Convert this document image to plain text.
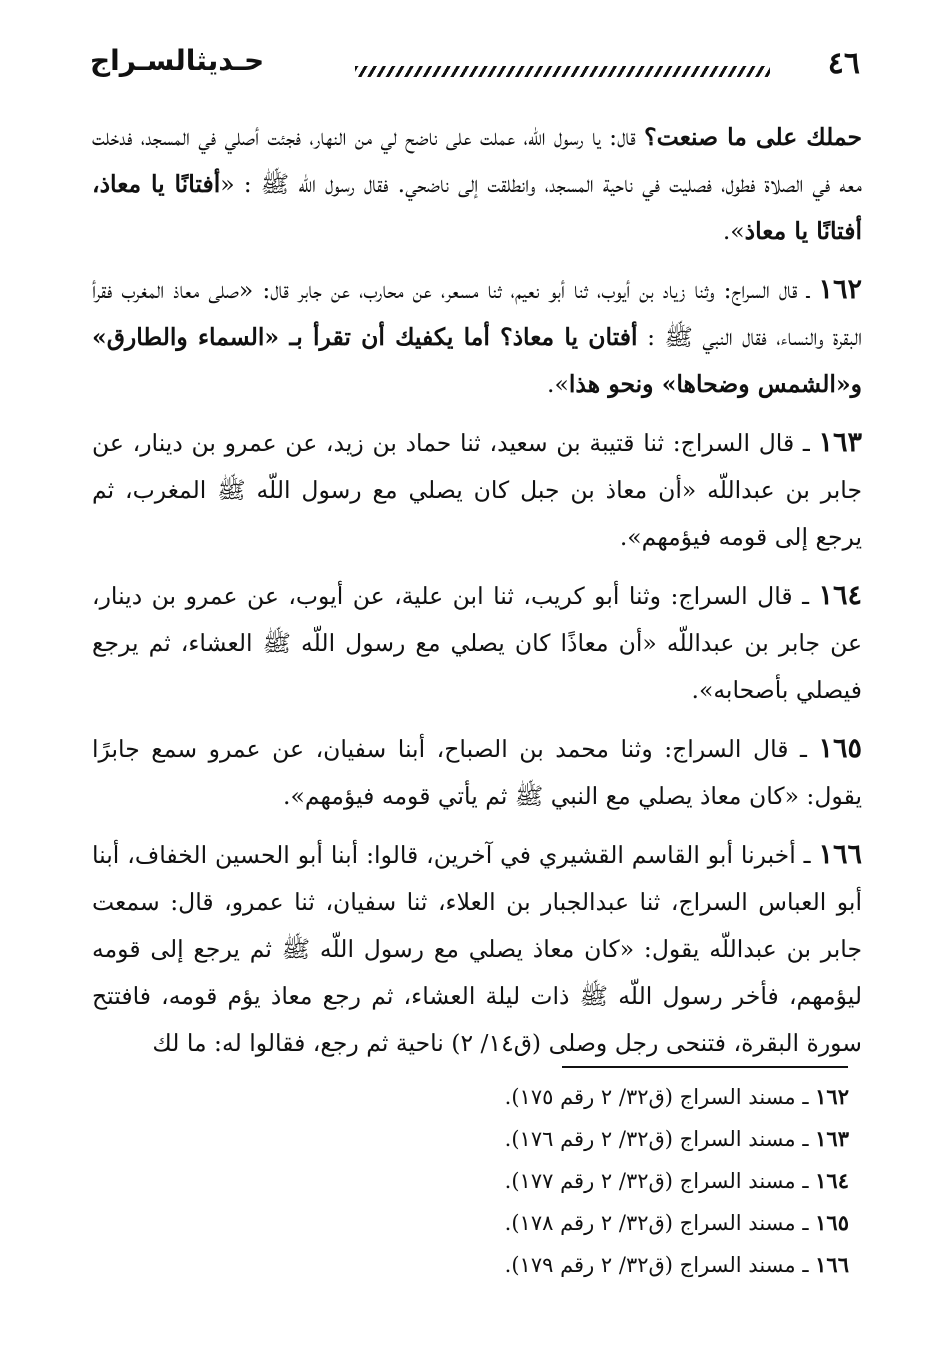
٤٦
حـديثالسـراج

حملك على ما صنعت؟ قال: يا رسول اللّه، عملت على ناضح لي من النهار، فجئت أصلي في المسجد، فدخلت معه في الصلاة فطول، فصليت في ناحية المسجد، وانطلقت إلى ناضحي. فقال رسول اللّه ﷺ : «أفتانًا يا معاذ، أفتانًا يا معاذ».

١٦٢ ـ قال السراج: وثنا زياد بن أيوب، ثنا أبو نعيم، ثنا مسعر، عن محارب، عن جابر قال: «صلى معاذ المغرب فقرأ البقرة والنساء، فقال النبي ﷺ : أفتان يا معاذ؟ أما يكفيك أن تقرأ بـ «السماء والطارق» و«الشمس وضحاها» ونحو هذا».

١٦٣ ـ قال السراج: ثنا قتيبة بن سعيد، ثنا حماد بن زيد، عن عمرو بن دينار، عن جابر بن عبداللّه «أن معاذ بن جبل كان يصلي مع رسول اللّه ﷺ المغرب، ثم يرجع إلى قومه فيؤمهم».

١٦٤ ـ قال السراج: وثنا أبو كريب، ثنا ابن علية، عن أيوب، عن عمرو بن دينار، عن جابر بن عبداللّه «أن معاذًا كان يصلي مع رسول اللّه ﷺ العشاء، ثم يرجع فيصلي بأصحابه».

١٦٥ ـ قال السراج: وثنا محمد بن الصباح، أبنا سفيان، عن عمرو سمع جابرًا يقول: «كان معاذ يصلي مع النبي ﷺ ثم يأتي قومه فيؤمهم».

١٦٦ ـ أخبرنا أبو القاسم القشيري في آخرين، قالوا: أبنا أبو الحسين الخفاف، أبنا أبو العباس السراج، ثنا عبدالجبار بن العلاء، ثنا سفيان، ثنا عمرو، قال: سمعت جابر بن عبداللّه يقول: «كان معاذ يصلي مع رسول اللّه ﷺ ثم يرجع إلى قومه ليؤمهم، فأخر رسول اللّه ﷺ ذات ليلة العشاء، ثم رجع معاذ يؤم قومه، فافتتح سورة البقرة، فتنحى رجل وصلى (ق١٤/ ٢) ناحية ثم رجع، فقالوا له: ما لك

١٦٢ ـ مسند السراج (ق٣٢/ ٢ رقم ١٧٥).
١٦٣ ـ مسند السراج (ق٣٢/ ٢ رقم ١٧٦).
١٦٤ ـ مسند السراج (ق٣٢/ ٢ رقم ١٧٧).
١٦٥ ـ مسند السراج (ق٣٢/ ٢ رقم ١٧٨).
١٦٦ ـ مسند السراج (ق٣٢/ ٢ رقم ١٧٩).
